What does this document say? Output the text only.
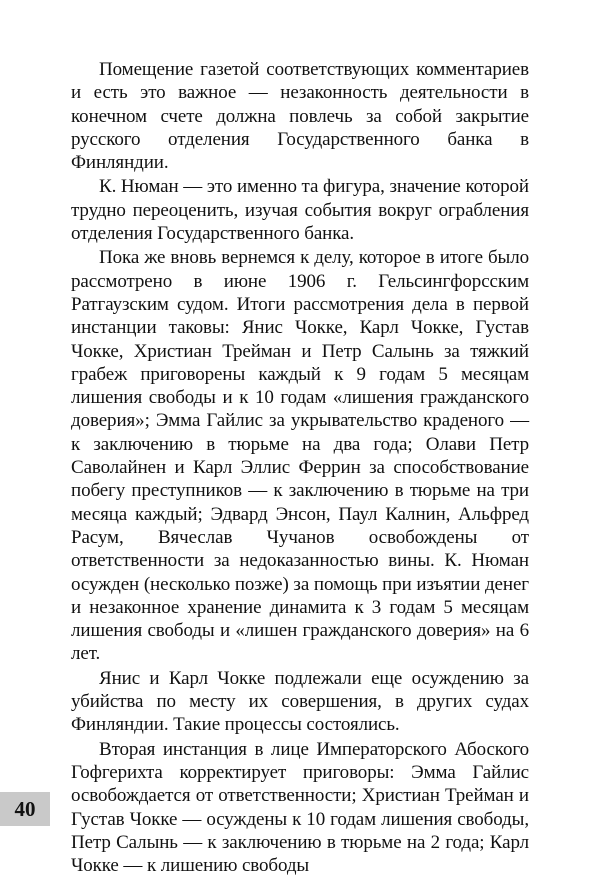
Помещение газетой соответствующих комментариев и есть это важное — незаконность деятельности в конечном счете должна повлечь за собой закрытие русского отделения Государственного банка в Финляндии.

К. Нюман — это именно та фигура, значение которой трудно переоценить, изучая события вокруг ограбления отделения Государственного банка.

Пока же вновь вернемся к делу, которое в итоге было рассмотрено в июне 1906 г. Гельсингфорсским Ратгаузским судом. Итоги рассмотрения дела в первой инстанции таковы: Янис Чокке, Карл Чокке, Густав Чокке, Христиан Трейман и Петр Салынь за тяжкий грабеж приговорены каждый к 9 годам 5 месяцам лишения свободы и к 10 годам «лишения гражданского доверия»; Эмма Гайлис за укрывательство краденого — к заключению в тюрьме на два года; Олави Петр Саволайнен и Карл Эллис Феррин за способствование побегу преступников — к заключению в тюрьме на три месяца каждый; Эдвард Энсон, Паул Калнин, Альфред Расум, Вячеслав Чучанов освобождены от ответственности за недоказанностью вины. К. Нюман осужден (несколько позже) за помощь при изъятии денег и незаконное хранение динамита к 3 годам 5 месяцам лишения свободы и «лишен гражданского доверия» на 6 лет.

Янис и Карл Чокке подлежали еще осуждению за убийства по месту их совершения, в других судах Финляндии. Такие процессы состоялись.

Вторая инстанция в лице Императорского Абоского Гофгерихта корректирует приговоры: Эмма Гайлис освобождается от ответственности; Христиан Трейман и Густав Чокке — осуждены к 10 годам лишения свободы, Петр Салынь — к заключению в тюрьме на 2 года; Карл Чокке — к лишению свободы

40
